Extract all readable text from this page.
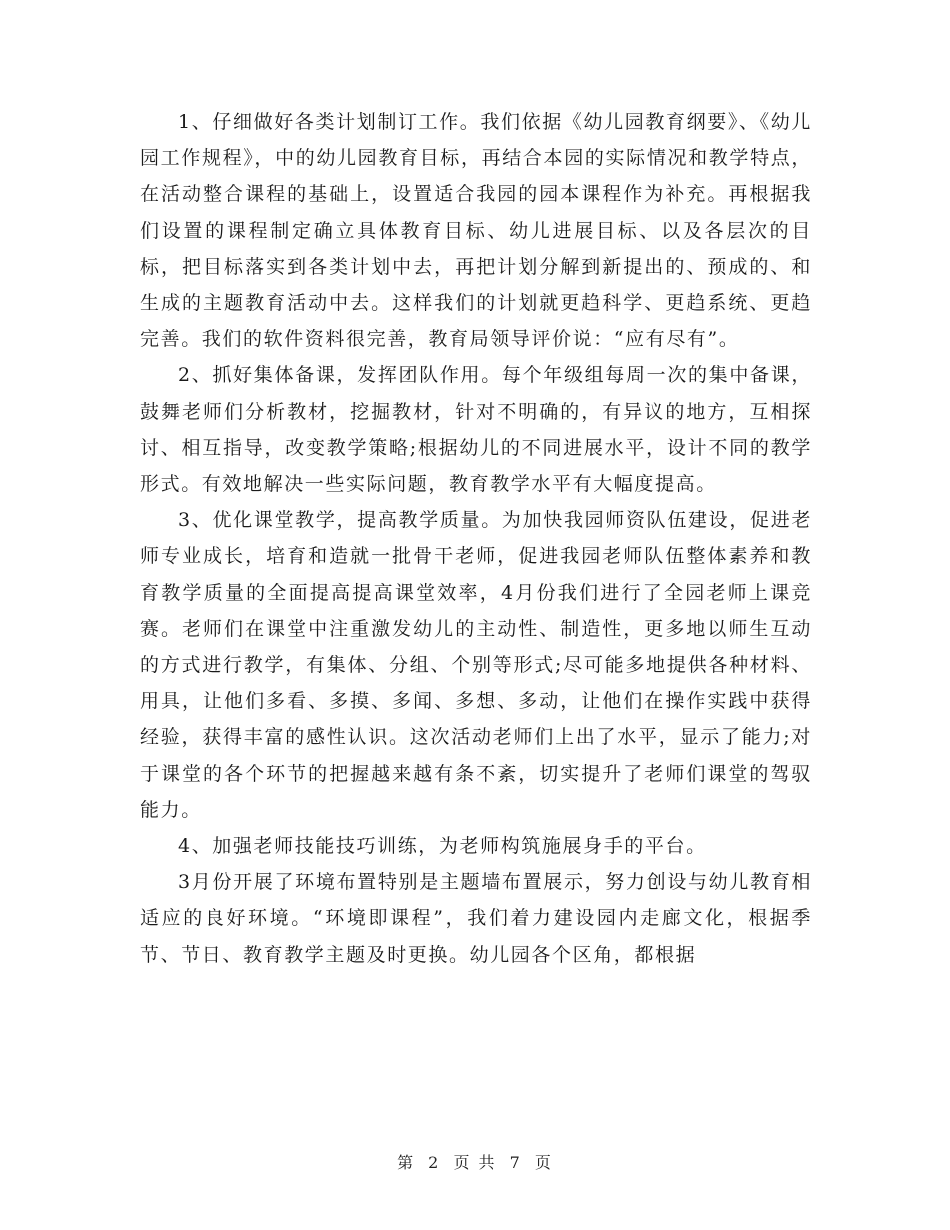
1、仔细做好各类计划制订工作。我们依据《幼儿园教育纲要》、《幼儿园工作规程》，中的幼儿园教育目标，再结合本园的实际情况和教学特点，在活动整合课程的基础上，设置适合我园的园本课程作为补充。再根据我们设置的课程制定确立具体教育目标、幼儿进展目标、以及各层次的目标，把目标落实到各类计划中去，再把计划分解到新提出的、预成的、和生成的主题教育活动中去。这样我们的计划就更趋科学、更趋系统、更趋完善。我们的软件资料很完善，教育局领导评价说：“应有尽有”。

2、抓好集体备课，发挥团队作用。每个年级组每周一次的集中备课，鼓舞老师们分析教材，挖掘教材，针对不明确的，有异议的地方，互相探讨、相互指导，改变教学策略;根据幼儿的不同进展水平，设计不同的教学形式。有效地解决一些实际问题，教育教学水平有大幅度提高。

3、优化课堂教学，提高教学质量。为加快我园师资队伍建设，促进老师专业成长，培育和造就一批骨干老师，促进我园老师队伍整体素养和教育教学质量的全面提高提高课堂效率，4月份我们进行了全园老师上课竞赛。老师们在课堂中注重激发幼儿的主动性、制造性，更多地以师生互动的方式进行教学，有集体、分组、个别等形式;尽可能多地提供各种材料、用具，让他们多看、多摸、多闻、多想、多动，让他们在操作实践中获得经验，获得丰富的感性认识。这次活动老师们上出了水平，显示了能力;对于课堂的各个环节的把握越来越有条不紊，切实提升了老师们课堂的驾驭能力。

4、加强老师技能技巧训练，为老师构筑施展身手的平台。

3月份开展了环境布置特别是主题墙布置展示，努力创设与幼儿教育相适应的良好环境。“环境即课程”，我们着力建设园内走廊文化，根据季节、节日、教育教学主题及时更换。幼儿园各个区角，都根据

第 2 页 共 7 页
